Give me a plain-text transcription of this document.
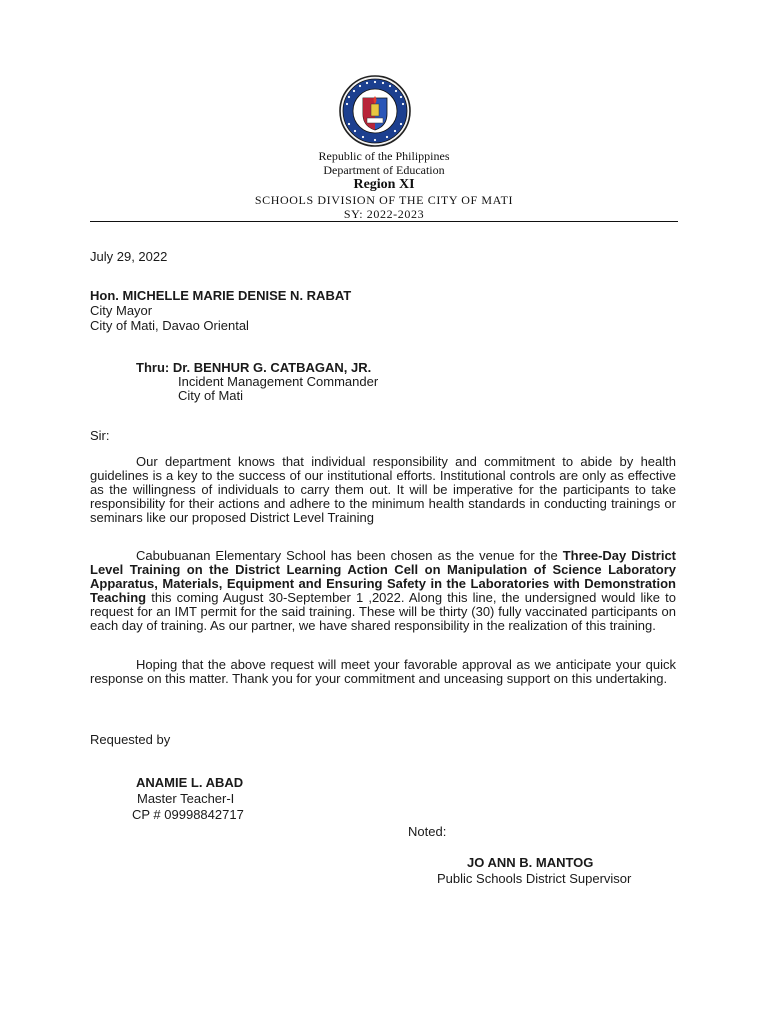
Republic of the Philippines
Department of Education
Region XI
SCHOOLS DIVISION OF THE CITY OF MATI
SY: 2022-2023
July 29, 2022
Hon. MICHELLE MARIE DENISE N. RABAT
City Mayor
City of Mati, Davao Oriental
Thru: Dr. BENHUR G. CATBAGAN, JR.
Incident Management Commander
City of Mati
Sir:
Our department knows that individual responsibility and commitment to abide by health guidelines is a key to the success of our institutional efforts. Institutional controls are only as effective as the willingness of individuals to carry them out. It will be imperative for the participants to take responsibility for their actions and adhere to the minimum health standards in conducting trainings or seminars like our proposed District Level Training
Cabubuanan Elementary School has been chosen as the venue for the Three-Day District Level Training on the District Learning Action Cell on Manipulation of Science Laboratory Apparatus, Materials, Equipment and Ensuring Safety in the Laboratories with Demonstration Teaching this coming August 30-September 1 ,2022. Along this line, the undersigned would like to request for an IMT permit for the said training. These will be thirty (30) fully vaccinated participants on each day of training. As our partner, we have shared responsibility in the realization of this training.
Hoping that the above request will meet your favorable approval as we anticipate your quick response on this matter. Thank you for your commitment and unceasing support on this undertaking.
Requested by
ANAMIE L. ABAD
Master Teacher-I
CP # 09998842717
Noted:
JO ANN B. MANTOG
Public Schools District Supervisor
